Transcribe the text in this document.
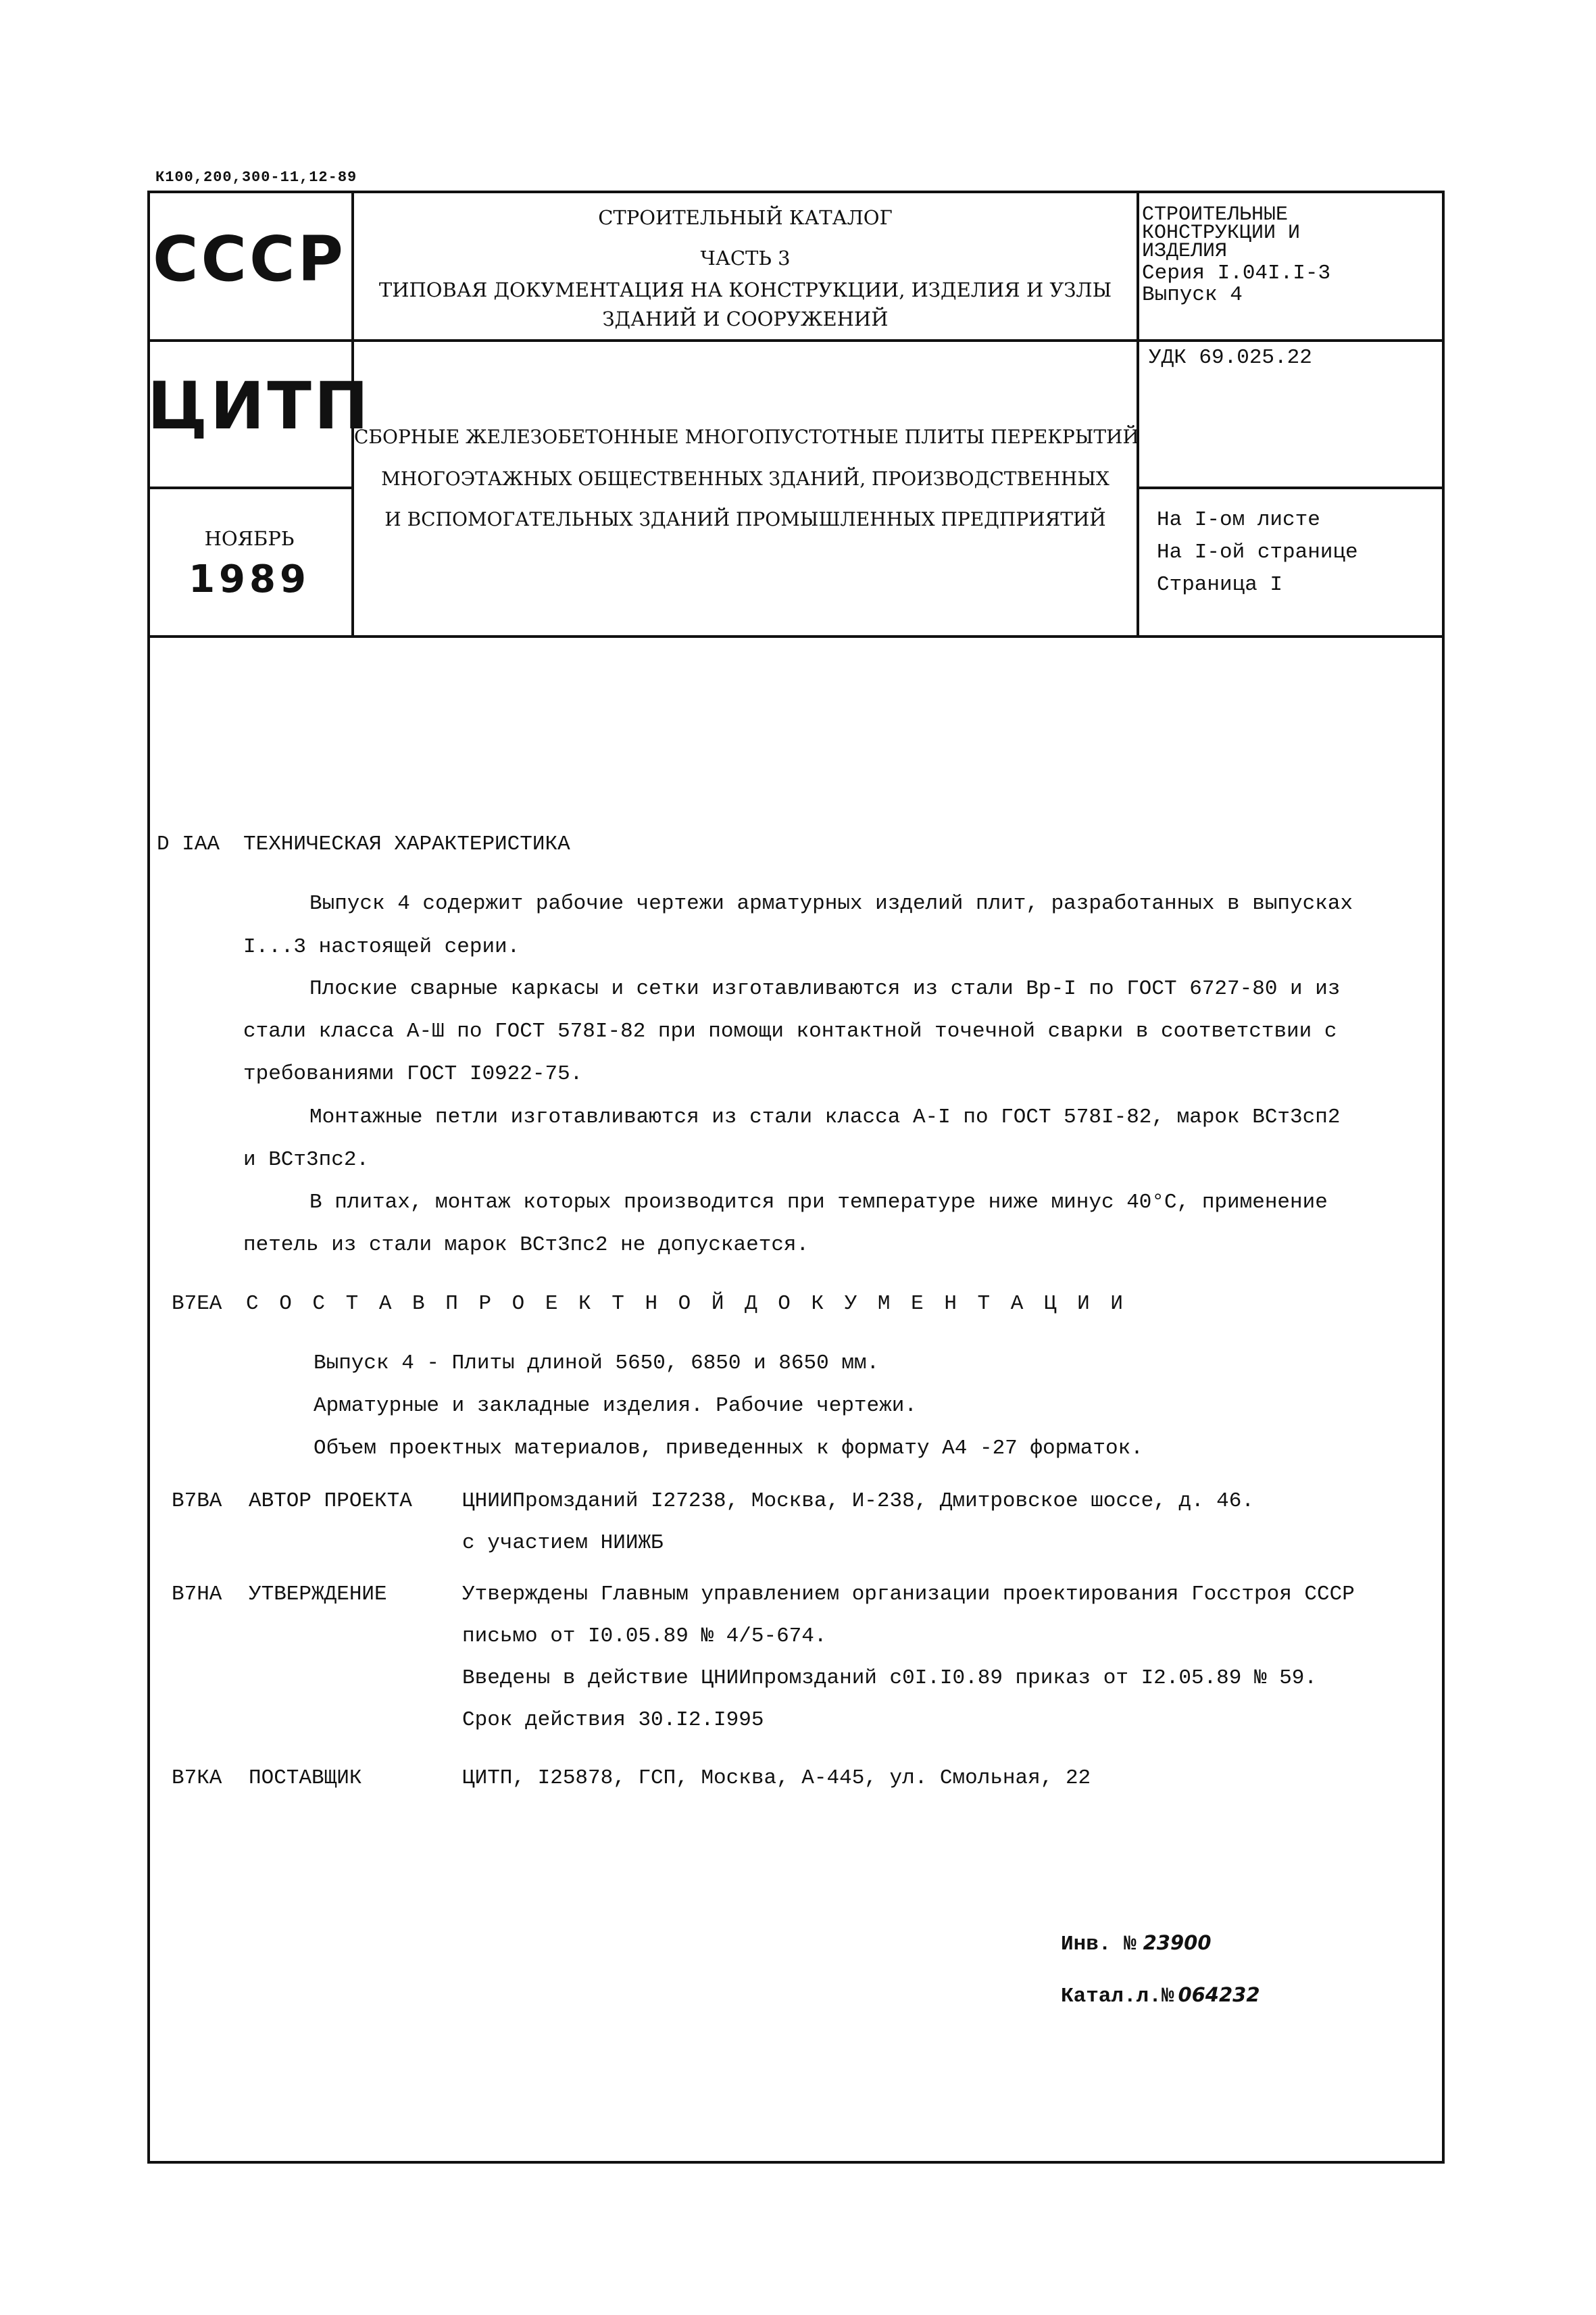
К100,200,300-11,12-89
СССР
ЦИТП
НОЯБРЬ
1989
СТРОИТЕЛЬНЫЙ КАТАЛОГ
ЧАСТЬ 3
ТИПОВАЯ ДОКУМЕНТАЦИЯ НА КОНСТРУКЦИИ, ИЗДЕЛИЯ И УЗЛЫ
ЗДАНИЙ И СООРУЖЕНИЙ
СБОРНЫЕ ЖЕЛЕЗОБЕТОННЫЕ МНОГОПУСТОТНЫЕ ПЛИТЫ ПЕРЕКРЫТИЙ
МНОГОЭТАЖНЫХ ОБЩЕСТВЕННЫХ ЗДАНИЙ, ПРОИЗВОДСТВЕННЫХ
И ВСПОМОГАТЕЛЬНЫХ ЗДАНИЙ ПРОМЫШЛЕННЫХ ПРЕДПРИЯТИЙ
СТРОИТЕЛЬНЫЕ
КОНСТРУКЦИИ И
ИЗДЕЛИЯ
Серия I.04I.I-3
Выпуск 4
УДК 69.025.22
На I-ом листе
На I-ой странице
Страница I
D IAA ТЕХНИЧЕСКАЯ ХАРАКТЕРИСТИКА
Выпуск 4 содержит рабочие чертежи арматурных изделий плит, разработанных в выпусках
I...3 настоящей серии.
Плоские сварные каркасы и сетки изготавливаются из стали Вр-I по ГОСТ 6727-80 и из
стали класса А-Ш по ГОСТ 578I-82 при помощи контактной точечной сварки в соответствии с
требованиями ГОСТ I0922-75.
Монтажные петли изготавливаются из стали класса А-I по ГОСТ 578I-82, марок ВСт3сп2
и ВСт3пс2.
В плитах, монтаж которых производится при температуре ниже минус 40°С, применение
петель из стали марок ВСт3пс2 не допускается.
В7ЕА С О С Т А В П Р О Е К Т Н О Й Д О К У М Е Н Т А Ц И И
Выпуск 4 - Плиты длиной 5650, 6850 и 8650 мм.
Арматурные и закладные изделия. Рабочие чертежи.
Объем проектных материалов, приведенных к формату А4 -27 форматок.
В7ВА АВТОР ПРОЕКТА ЦНИИПромзданий I27238, Москва, И-238, Дмитровское шоссе, д. 46.
с участием НИИЖБ
В7НА УТВЕРЖДЕНИЕ	Утверждены Главным управлением организации проектирования Госстроя СССР
письмо от I0.05.89 № 4/5-674.
Введены в действие ЦНИИпромзданий с0I.I0.89 приказ от I2.05.89 № 59.
Срок действия 30.I2.I995
В7КА ПОСТАВЩИК	ЦИТП, I25878, ГСП, Москва, А-445, ул. Смольная, 22
Инв. № 23900
Катал.л.№ 064232
